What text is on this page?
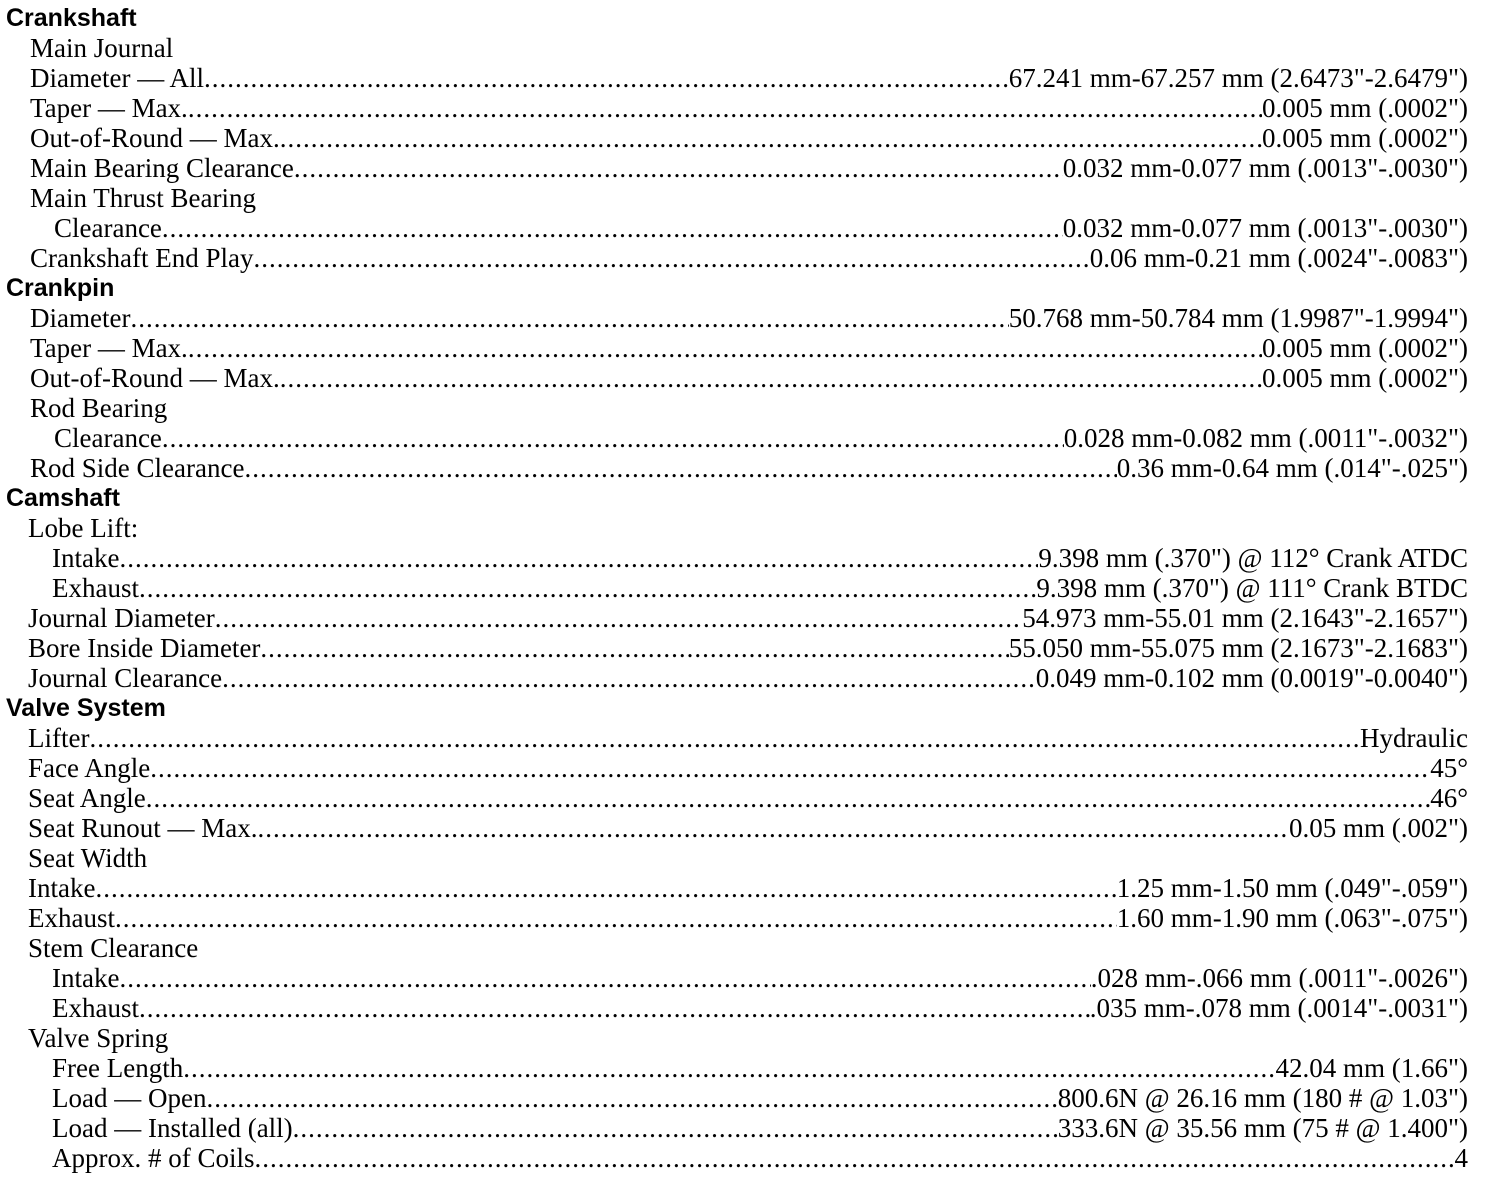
Crankshaft
Main Journal
Diameter — All .....	67.241 mm-67.257 mm (2.6473"-2.6479")
Taper — Max. .....	0.005 mm (.0002")
Out-of-Round — Max. .....	0.005 mm (.0002")
Main Bearing Clearance .....	0.032 mm-0.077 mm (.0013"-.0030")
Main Thrust Bearing
Clearance .....	0.032 mm-0.077 mm (.0013"-.0030")
Crankshaft End Play .....	0.06 mm-0.21 mm (.0024"-.0083")
Crankpin
Diameter .....	50.768 mm-50.784 mm (1.9987"-1.9994")
Taper — Max. .....	0.005 mm (.0002")
Out-of-Round — Max. .....	0.005 mm (.0002")
Rod Bearing
Clearance .....	0.028 mm-0.082 mm (.0011"-.0032")
Rod Side Clearance .....	0.36 mm-0.64 mm (.014"-.025")
Camshaft
Lobe Lift:
Intake .....	9.398 mm (.370") @ 112° Crank ATDC
Exhaust .....	9.398 mm (.370") @ 111° Crank BTDC
Journal Diameter .....	54.973 mm-55.01 mm (2.1643"-2.1657")
Bore Inside Diameter .....	55.050 mm-55.075 mm (2.1673"-2.1683")
Journal Clearance .....	0.049 mm-0.102 mm (0.0019"-0.0040")
Valve System
Lifter .....	Hydraulic
Face Angle .....	45°
Seat Angle .....	46°
Seat Runout — Max. .....	0.05 mm (.002")
Seat Width
Intake .....	1.25 mm-1.50 mm (.049"-.059")
Exhaust .....	1.60 mm-1.90 mm (.063"-.075")
Stem Clearance
Intake .....	.028 mm-.066 mm (.0011"-.0026")
Exhaust .....	.035 mm-.078 mm (.0014"-.0031")
Valve Spring
Free Length .....	42.04 mm (1.66")
Load — Open .....	800.6N @ 26.16 mm (180 # @ 1.03")
Load — Installed (all) .....	333.6N @ 35.56 mm (75 # @ 1.400")
Approx. # of Coils .....	4
